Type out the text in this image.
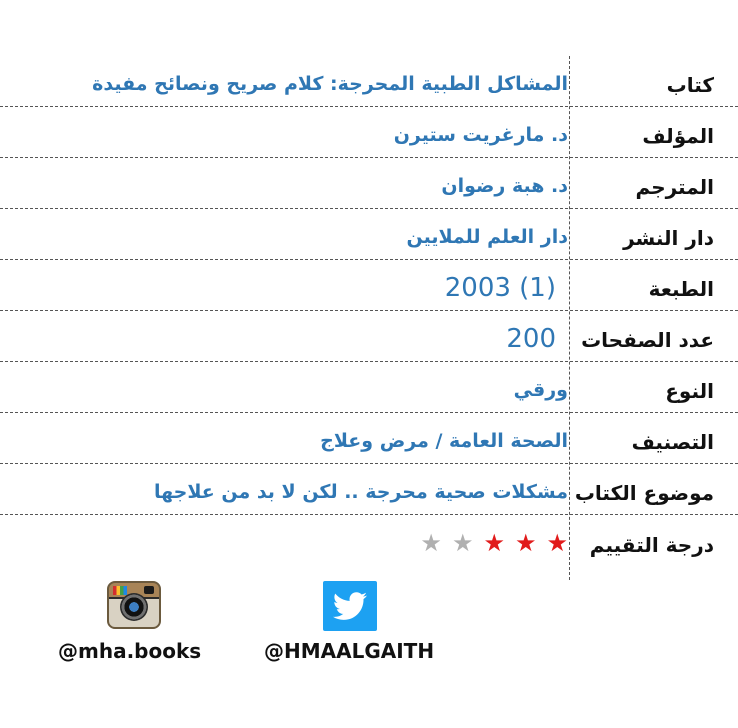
كتاب
المشاكل الطبية المحرجة: كلام صريح ونصائح مفيدة
المؤلف
د. مارغريت ستيرن
المترجم
د. هبة رضوان
دار النشر
دار العلم للملايين
الطبعة
2003 (1)
عدد الصفحات
200
النوع
ورقي
التصنيف
الصحة العامة / مرض وعلاج
موضوع الكتاب
مشكلات صحية محرجة .. لكن لا بد من علاجها
درجة التقييم
★
★
★
★
★
@mha.books	@HMAALGAITH
